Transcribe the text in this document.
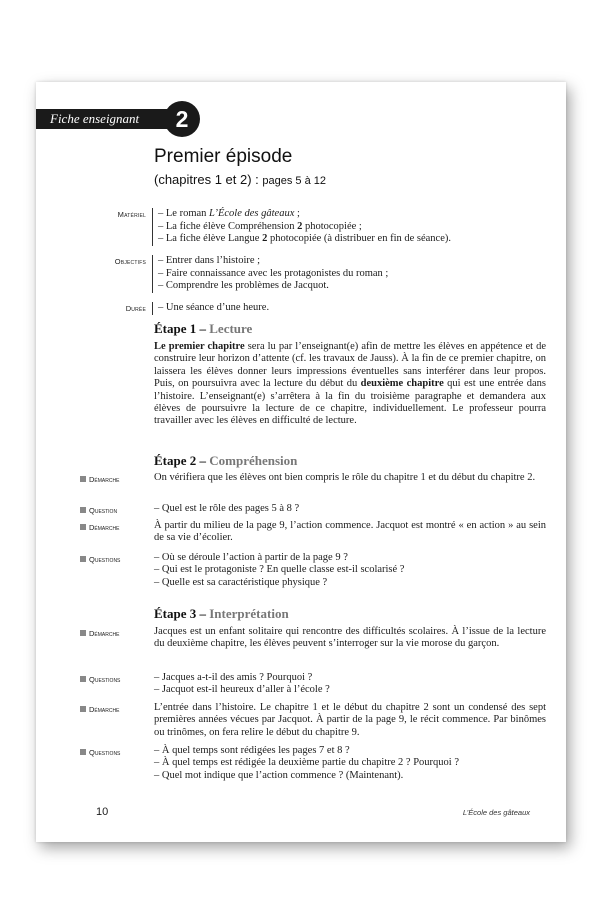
Fiche enseignant	2
Premier épisode
(chapitres 1 et 2) : pages 5 à 12
Matériel – Le roman L’École des gâteaux ;
– La fiche élève Compréhension 2 photocopiée ;
– La fiche élève Langue 2 photocopiée (à distribuer en fin de séance).
Objectifs – Entrer dans l’histoire ;
– Faire connaissance avec les protagonistes du roman ;
– Comprendre les problèmes de Jacquot.
Durée – Une séance d’une heure.
Étape 1 – Lecture
Le premier chapitre sera lu par l’enseignant(e) afin de mettre les élèves en appétence et de construire leur horizon d’attente (cf. les travaux de Jauss). À la fin de ce premier chapitre, on laissera les élèves donner leurs impressions éventuelles sans interférer dans leur propos. Puis, on poursuivra avec la lecture du début du deuxième chapitre qui est une entrée dans l’histoire. L’enseignant(e) s’arrêtera à la fin du troisième paragraphe et demandera aux élèves de poursuivre la lecture de ce chapitre, individuellement. Le professeur pourra travailler avec les élèves en difficulté de lecture.
Étape 2 – Compréhension
Démarche	On vérifiera que les élèves ont bien compris le rôle du chapitre 1 et du début du chapitre 2.
Question	– Quel est le rôle des pages 5 à 8 ?
Démarche	À partir du milieu de la page 9, l’action commence. Jacquot est montré « en action » au sein de sa vie d’écolier.
Questions	– Où se déroule l’action à partir de la page 9 ?
– Qui est le protagoniste ? En quelle classe est-il scolarisé ?
– Quelle est sa caractéristique physique ?
Étape 3 – Interprétation
Démarche	Jacques est un enfant solitaire qui rencontre des difficultés scolaires. À l’issue de la lecture du deuxième chapitre, les élèves peuvent s’interroger sur la vie morose du garçon.
Questions	– Jacques a-t-il des amis ? Pourquoi ?
– Jacquot est-il heureux d’aller à l’école ?
Démarche	L’entrée dans l’histoire. Le chapitre 1 et le début du chapitre 2 sont un condensé des sept premières années vécues par Jacquot. À partir de la page 9, le récit commence. Par binômes ou trinômes, on fera relire le début du chapitre 9.
Questions	– À quel temps sont rédigées les pages 7 et 8 ?
– À quel temps est rédigée la deuxième partie du chapitre 2 ? Pourquoi ?
– Quel mot indique que l’action commence ? (Maintenant).
10	L’École des gâteaux
